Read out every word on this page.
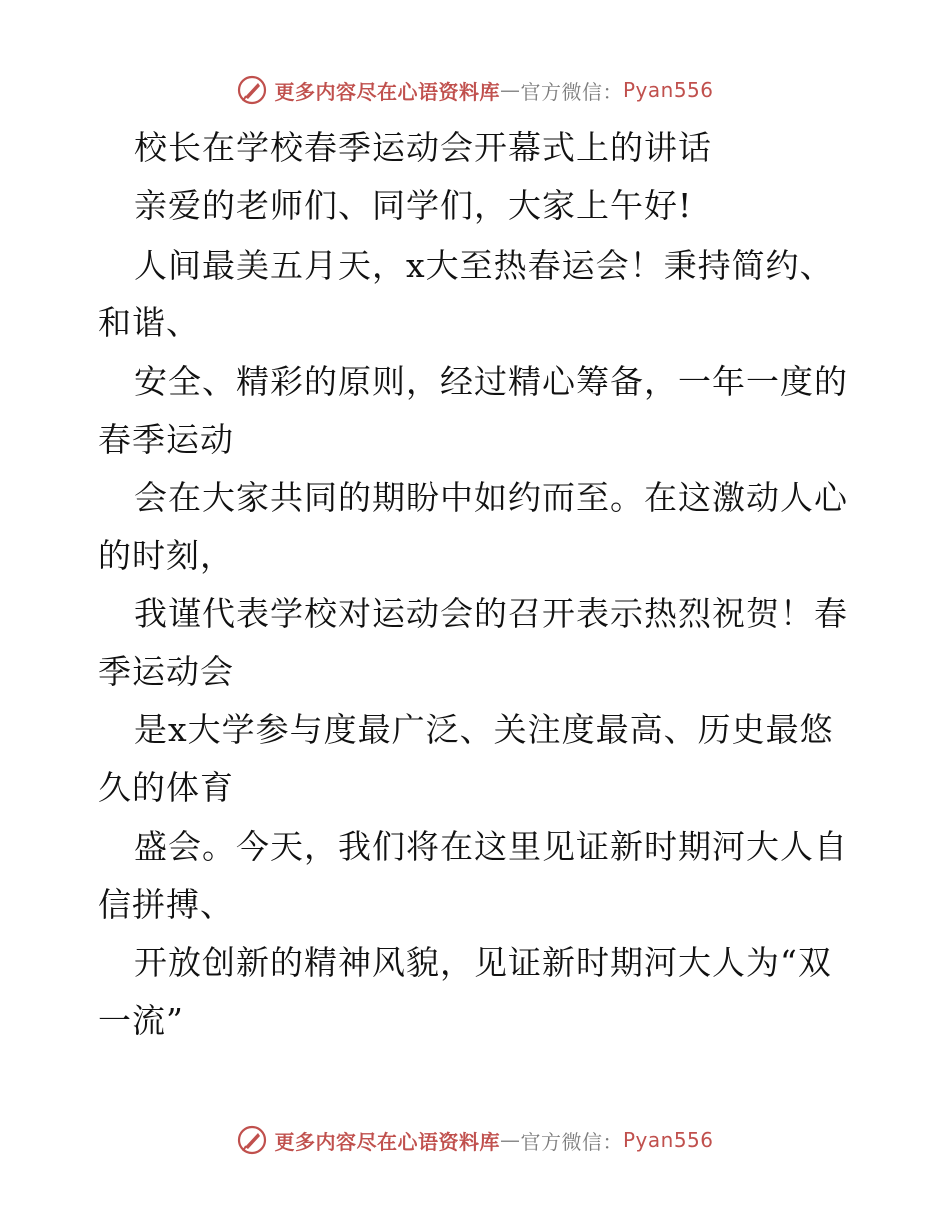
更多内容尽在心语资料库 — 官方微信： Pyan556
校长在学校春季运动会开幕式上的讲话
亲爱的老师们、同学们，大家上午好!
人间最美五月天，x大至热春运会！秉持简约、
和谐、
安全、精彩的原则，经过精心筹备，一年一度的
春季运动
会在大家共同的期盼中如约而至。在这激动人心
的时刻，
我谨代表学校对运动会的召开表示热烈祝贺！春
季运动会
是x大学参与度最广泛、关注度最高、历史最悠
久的体育
盛会。今天，我们将在这里见证新时期河大人自
信拼搏、
开放创新的精神风貌，见证新时期河大人为“双
一流”
更多内容尽在心语资料库 — 官方微信： Pyan556
